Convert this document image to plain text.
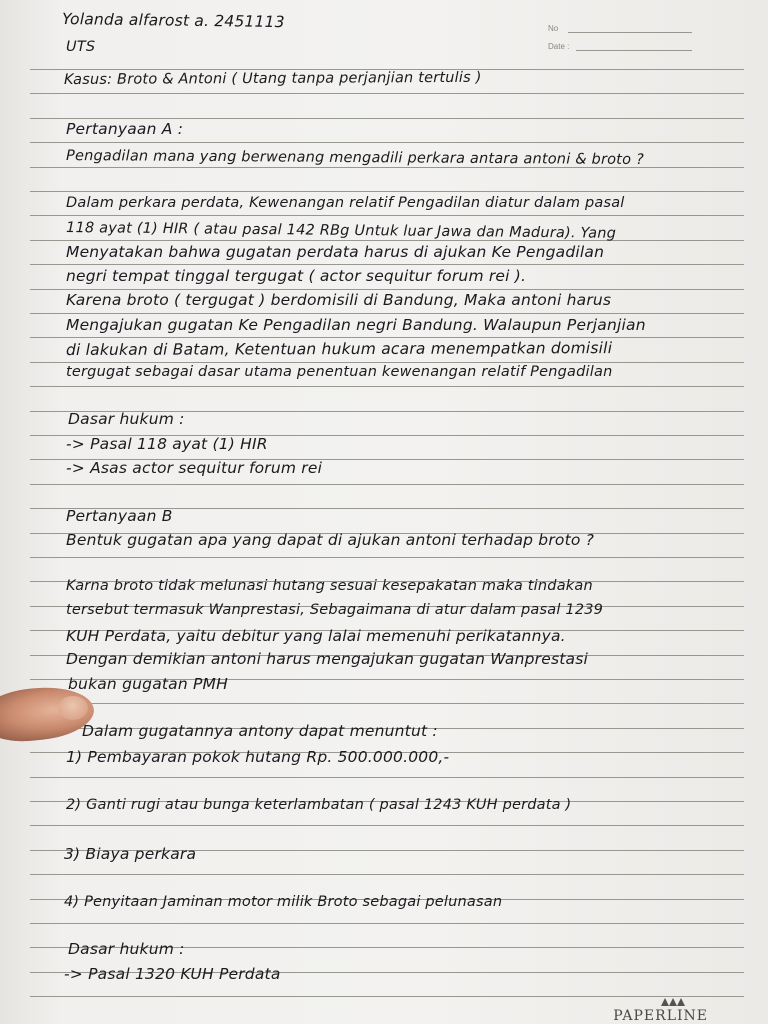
No
Date :
Yolanda alfarost a. 2451113
UTS
Kasus: Broto & Antoni ( Utang tanpa perjanjian tertulis )
Pertanyaan A :
Pengadilan mana yang berwenang mengadili perkara antara antoni & broto ?
Dalam perkara perdata, Kewenangan relatif Pengadilan diatur dalam pasal
118 ayat (1) HIR ( atau pasal 142 RBg Untuk luar Jawa dan Madura). Yang
Menyatakan bahwa gugatan perdata harus di ajukan Ke Pengadilan
negri tempat tinggal tergugat ( actor sequitur forum rei ).
Karena broto ( tergugat ) berdomisili di Bandung, Maka antoni harus
Mengajukan gugatan Ke Pengadilan negri Bandung. Walaupun Perjanjian
di lakukan di Batam, Ketentuan hukum acara menempatkan domisili
tergugat sebagai dasar utama penentuan kewenangan relatif Pengadilan
Dasar hukum :
-> Pasal 118 ayat (1) HIR
-> Asas actor sequitur forum rei
Pertanyaan B
Bentuk gugatan apa yang dapat di ajukan antoni terhadap broto ?
Karna broto tidak melunasi hutang sesuai kesepakatan maka tindakan
tersebut termasuk Wanprestasi, Sebagaimana di atur dalam pasal 1239
KUH Perdata, yaitu debitur yang lalai memenuhi perikatannya.
Dengan demikian antoni harus mengajukan gugatan Wanprestasi
bukan gugatan PMH
Dalam gugatannya antony dapat menuntut :
1) Pembayaran pokok hutang Rp. 500.000.000,-
2) Ganti rugi atau bunga keterlambatan ( pasal 1243 KUH perdata )
3) Biaya perkara
4) Penyitaan Jaminan motor milik Broto sebagai pelunasan
Dasar hukum :
-> Pasal 1320 KUH Perdata
PAPERLINE
